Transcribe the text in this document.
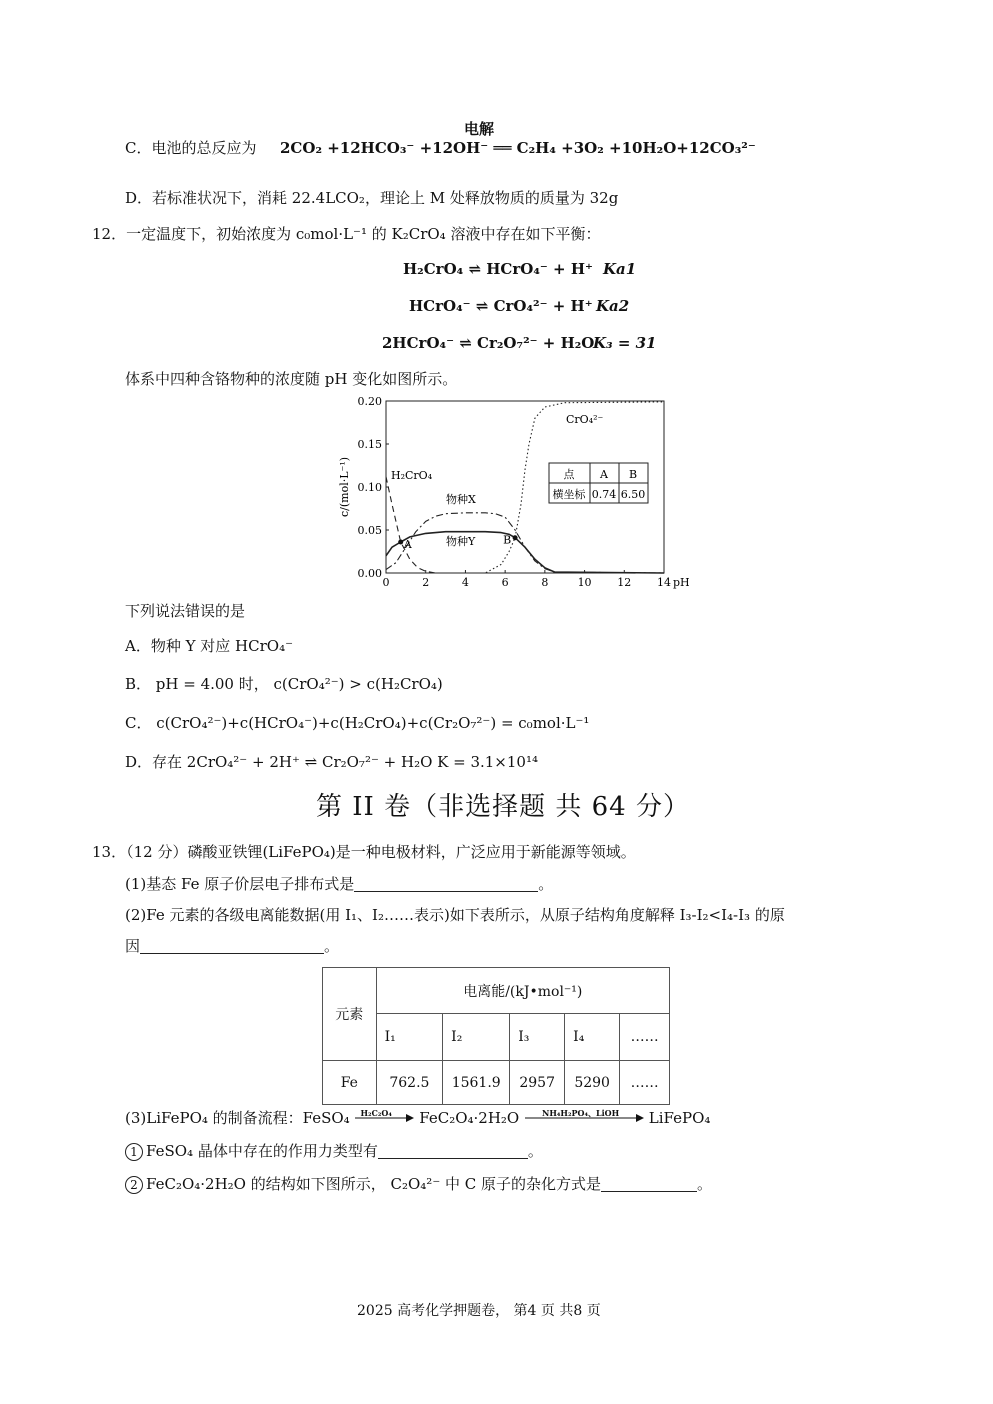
C．电池的总反应为
电解
2CO₂ +12HCO₃⁻ +12OH⁻ ══ C₂H₄ +3O₂ +10H₂O+12CO₃²⁻
D．若标准状况下，消耗 22.4LCO₂，理论上 M 处释放物质的质量为 32g
12．一定温度下，初始浓度为 c₀mol·L⁻¹ 的 K₂CrO₄ 溶液中存在如下平衡：
H₂CrO₄ ⇌ HCrO₄⁻ + H⁺ Ka1
HCrO₄⁻ ⇌ CrO₄²⁻ + H⁺ Ka2
2HCrO₄⁻ ⇌ Cr₂O₇²⁻ + H₂O
K₃ = 31
体系中四种含铬物种的浓度随 pH 变化如图所示。
0	2	4	6	8	10 12 14
0.00
0.05
0.10
0.15
0.20
A	B
c/(mol·L⁻¹)
pH
H₂CrO₄
物种X
物种Y
CrO₄²⁻
点 A B
横坐标 0.74 6.50
下列说法错误的是
A．物种 Y 对应 HCrO₄⁻
B． pH = 4.00 时， c(CrO₄²⁻) > c(H₂CrO₄)
C． c(CrO₄²⁻)+c(HCrO₄⁻)+c(H₂CrO₄)+c(Cr₂O₇²⁻) = c₀mol·L⁻¹
D．存在 2CrO₄²⁻ + 2H⁺ ⇌ Cr₂O₇²⁻ + H₂O K = 3.1×10¹⁴
第 II 卷（非选择题 共 64 分）
13．（12 分）磷酸亚铁锂(LiFePO₄)是一种电极材料，广泛应用于新能源等领域。
(1)基态 Fe 原子价层电子排布式是	。
(2)Fe 元素的各级电离能数据(用 I₁、I₂……表示)如下表所示，从原子结构角度解释 I₃-I₂<I₄-I₃ 的原
因	。
元素	电离能/(kJ•mol⁻¹)				
	I₁	I₂	I₃	I₄	……
Fe	762.5	1561.9	2957	5290	……
(3)LiFePO₄ 的制备流程：FeSO₄ H₂C₂O₄ FeC₂O₄·2H₂O	NH₄H₂PO₄、LiOH LiFePO₄
1 FeSO₄ 晶体中存在的作用力类型有	。
2 FeC₂O₄·2H₂O 的结构如下图所示， C₂O₄²⁻ 中 C 原子的杂化方式是	。
2025 高考化学押题卷， 第4 页 共8 页
